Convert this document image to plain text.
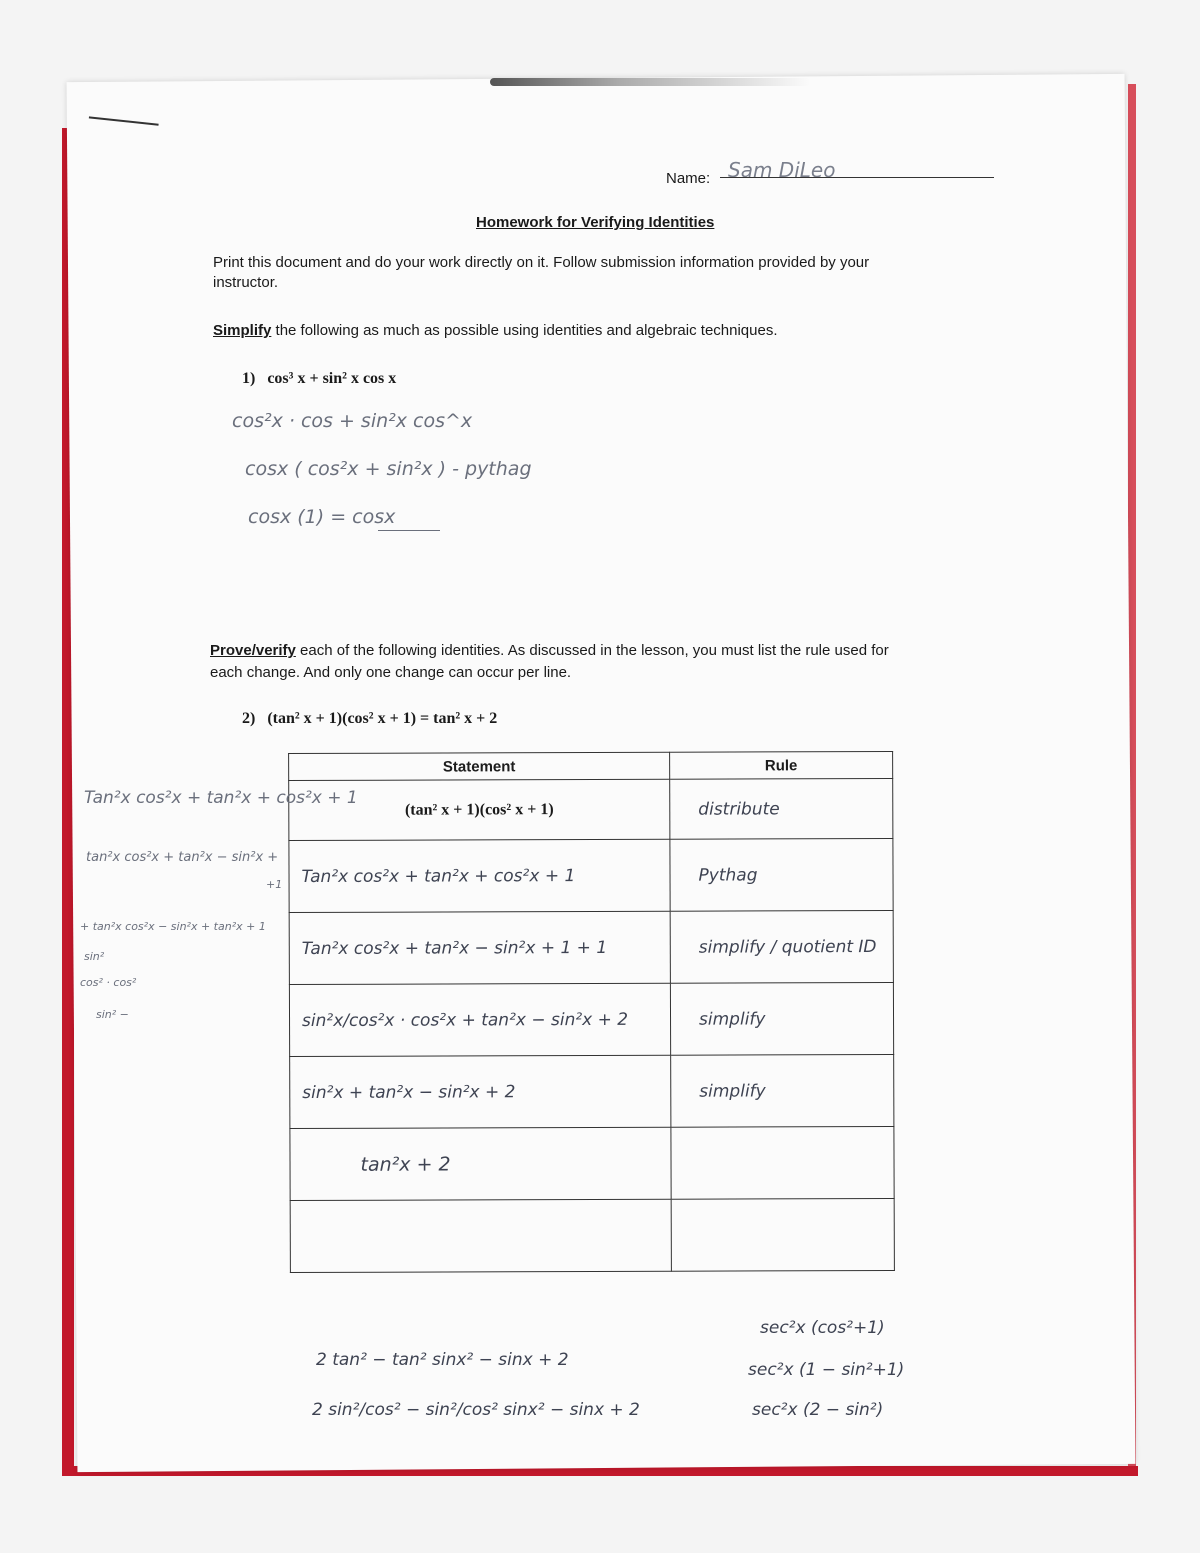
Name: Sam DiLeo
Homework for Verifying Identities
Print this document and do your work directly on it. Follow submission information provided by your
instructor.
Simplify the following as much as possible using identities and algebraic techniques.
1) cos³ x + sin² x cos x
cos²x · cos + sin²x cos^x
cosx ( cos²x + sin²x ) - pythag
cosx (1) = cosx
Prove/verify each of the following identities. As discussed in the lesson, you must list the rule used for
each change. And only one change can occur per line.
2) (tan² x + 1)(cos² x + 1) = tan² x + 2
Statement	Rule
(tan² x + 1)(cos² x + 1)	distribute
Tan²x cos²x + tan²x + cos²x + 1	Pythag
Tan²x cos²x + tan²x − sin²x + 1 + 1	simplify / quotient ID
sin²x/cos²x · cos²x + tan²x − sin²x + 2	simplify
sin²x + tan²x − sin²x + 2	simplify
tan²x + 2	

Tan²x cos²x + tan²x + cos²x + 1
tan²x cos²x + tan²x − sin²x +
+1
+ tan²x cos²x − sin²x + tan²x + 1
sin²
cos² · cos²
sin² −
2 tan² − tan² sinx² − sinx + 2
2 sin²/cos² − sin²/cos² sinx² − sinx + 2
sec²x (cos²+1)
sec²x (1 − sin²+1)
sec²x (2 − sin²)
